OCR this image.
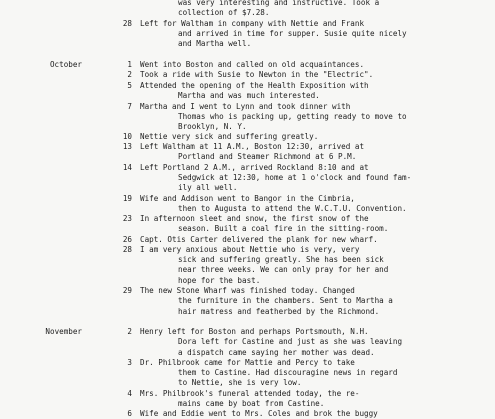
was very interesting and instructive. Took a
collection of $7.28.
28 Left for Waltham in company with Nettie and Frank
and arrived in time for supper. Susie quite nicely
and Martha well.
October	1 Went into Boston and called on old acquaintances.
2 Took a ride with Susie to Newton in the "Electric".
5 Attended the opening of the Health Exposition with
Martha and was much interested.
7 Martha and I went to Lynn and took dinner with
Thomas who is packing up, getting ready to move to
Brooklyn, N. Y.
10 Nettie very sick and suffering greatly.
13 Left Waltham at 11 A.M., Boston 12:30, arrived at
Portland and Steamer Richmond at 6 P.M.
14 Left Portland 2 A.M., arrived Rockland 8:10 and at
Sedgwick at 12:30, home at 1 o'clock and found fam-
ily all well.
19 Wife and Addison went to Bangor in the Cimbria,
then to Augusta to attend the W.C.T.U. Convention.
23 In afternoon sleet and snow, the first snow of the
season. Built a coal fire in the sitting-room.
26 Capt. Otis Carter delivered the plank for new wharf.
28 I am very anxious about Nettie who is very, very
sick and suffering greatly. She has been sick
near three weeks. We can only pray for her and
hope for the bast.
29 The new Stone Wharf was finished today. Changed
the furniture in the chambers. Sent to Martha a
hair matress and featherbed by the Richmond.
November	2 Henry left for Boston and perhaps Portsmouth, N.H.
Dora left for Castine and just as she was leaving
a dispatch came saying her mother was dead.
3 Dr. Philbrook came for Mattie and Percy to take
them to Castine. Had discouragine news in regard
to Nettie, she is very low.
4 Mrs. Philbrook's funeral attended today, the re-
mains came by boat from Castine.
6 Wife and Eddie went to Mrs. Coles and brok the buggy
